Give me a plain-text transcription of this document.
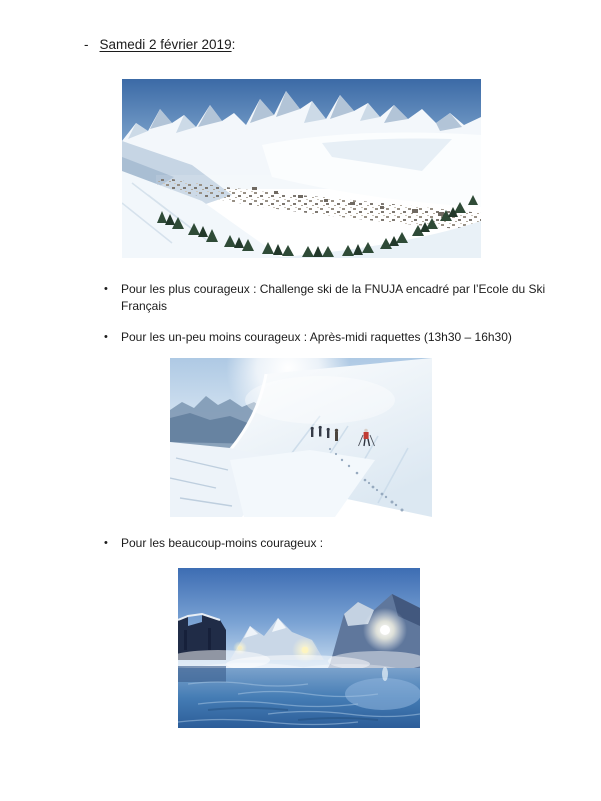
- Samedi 2 février 2019 :
•	Pour les plus courageux : Challenge ski de la FNUJA encadré par l’Ecole du Ski Français
•	Pour les un-peu moins courageux : Après-midi raquettes (13h30 – 16h30)
•	Pour les beaucoup-moins courageux :
